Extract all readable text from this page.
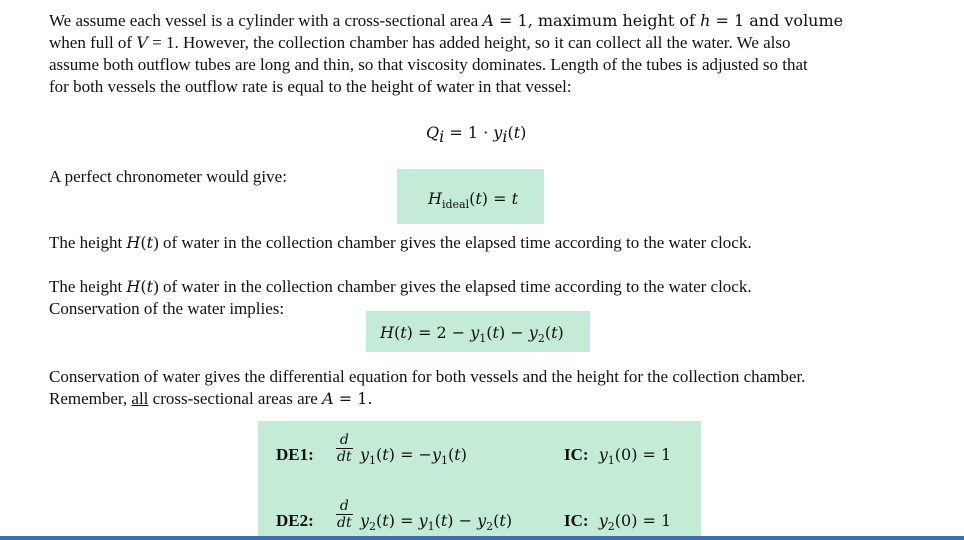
We assume each vessel is a cylinder with a cross-sectional area A = 1, maximum height of h = 1 and volume
when full of V = 1. However, the collection chamber has added height, so it can collect all the water. We also
assume both outflow tubes are long and thin, so that viscosity dominates. Length of the tubes is adjusted so that
for both vessels the outflow rate is equal to the height of water in that vessel:
$Q_i = 1 \cdot y_i(t)$
A perfect chronometer would give:
$H_{ideal}(t) = t$
The height H(t) of water in the collection chamber gives the elapsed time according to the water clock.
The height H(t) of water in the collection chamber gives the elapsed time according to the water clock.
Conservation of the water implies:
$H(t) = 2 - y_1(t) - y_2(t)$
Conservation of water gives the differential equation for both vessels and the height for the collection chamber.
Remember, all cross-sectional areas are A = 1.
DE1: $\frac{d}{dt} y_1(t) = -y_1(t)$	IC: $y_1(0) = 1$
DE2: $\frac{d}{dt} y_2(t) = y_1(t) - y_2(t)$	IC: $y_2(0) = 1$
